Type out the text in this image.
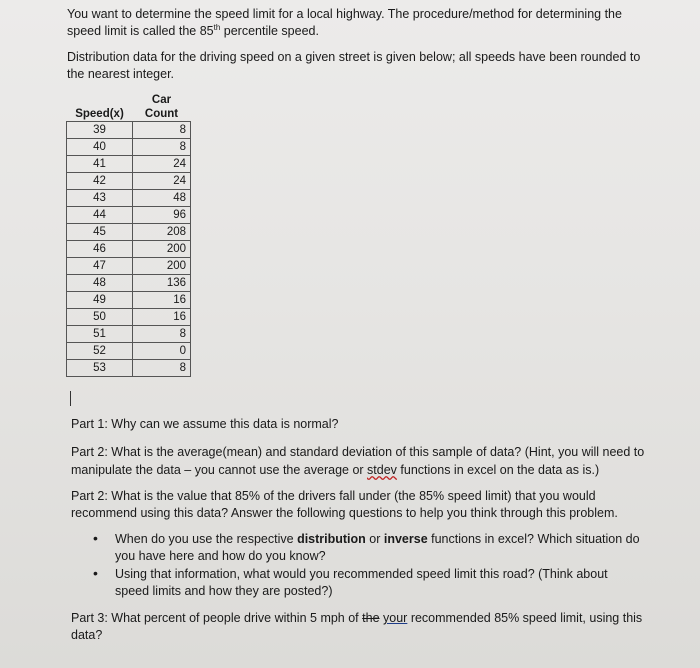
You want to determine the speed limit for a local highway. The procedure/method for determining the
speed limit is called the 85th percentile speed.
Distribution data for the driving speed on a given street is given below; all speeds have been rounded to
the nearest integer.
Speed(x)	Car
	Count
39	8
40	8
41	24
42	24
43	48
44	96
45	208
46	200
47	200
48	136
49	16
50	16
51	8
52	0
53	8
Part 1: Why can we assume this data is normal?
Part 2: What is the average(mean) and standard deviation of this sample of data? (Hint, you will need to
manipulate the data – you cannot use the average or stdev functions in excel on the data as is.)
Part 2: What is the value that 85% of the drivers fall under (the 85% speed limit) that you would
recommend using this data? Answer the following questions to help you think through this problem.
• When do you use the respective distribution or inverse functions in excel? Which situation do
you have here and how do you know?
• Using that information, what would you recommended speed limit this road? (Think about
speed limits and how they are posted?)
Part 3: What percent of people drive within 5 mph of the your recommended 85% speed limit, using this
data?
